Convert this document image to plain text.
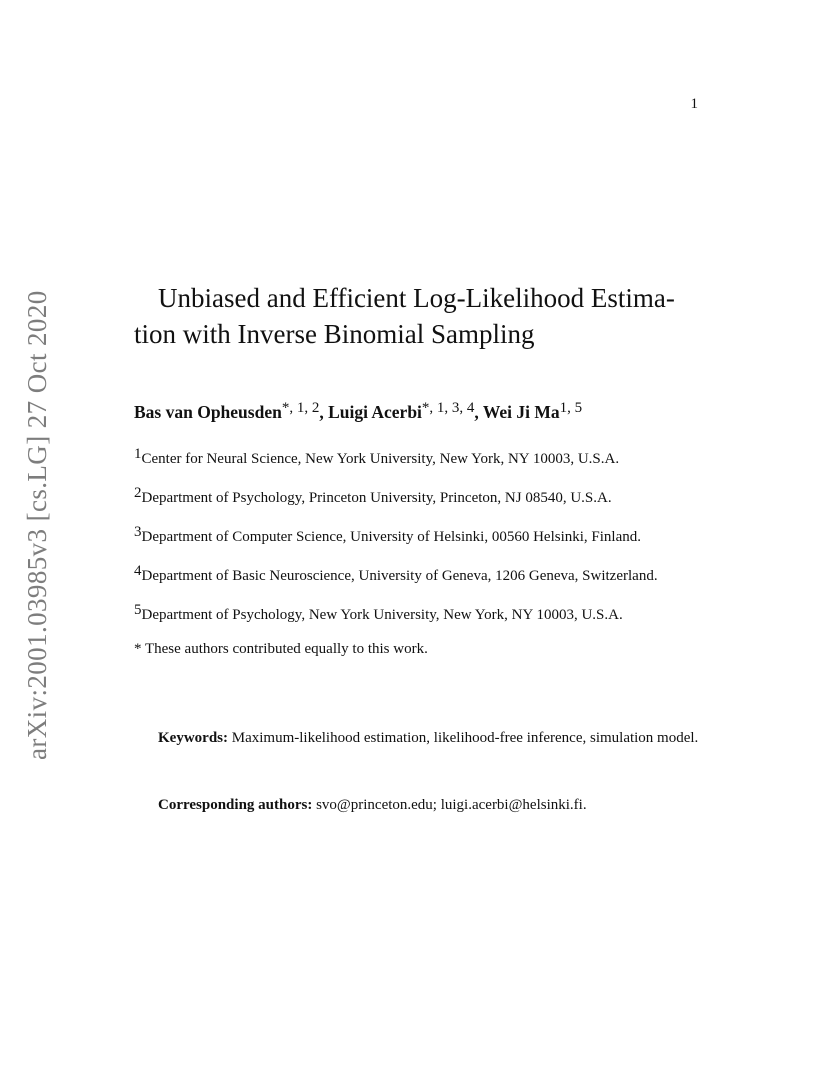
1
arXiv:2001.03985v3 [cs.LG] 27 Oct 2020	Unbiased and Efficient Log-Likelihood Estima-
tion with Inverse Binomial Sampling
Bas van Opheusden$^{*, 1, 2}$, Luigi Acerbi$^{*, 1, 3, 4}$, Wei Ji Ma$^{1, 5}$
$^1$Center for Neural Science, New York University, New York, NY 10003, U.S.A.
$^2$Department of Psychology, Princeton University, Princeton, NJ 08540, U.S.A.
$^3$Department of Computer Science, University of Helsinki, 00560 Helsinki, Finland.
$^4$Department of Basic Neuroscience, University of Geneva, 1206 Geneva, Switzerland.
$^5$Department of Psychology, New York University, New York, NY 10003, U.S.A.
* These authors contributed equally to this work.

Keywords: Maximum-likelihood estimation, likelihood-free inference, simulation model.

Corresponding authors: svo@princeton.edu; luigi.acerbi@helsinki.fi.
